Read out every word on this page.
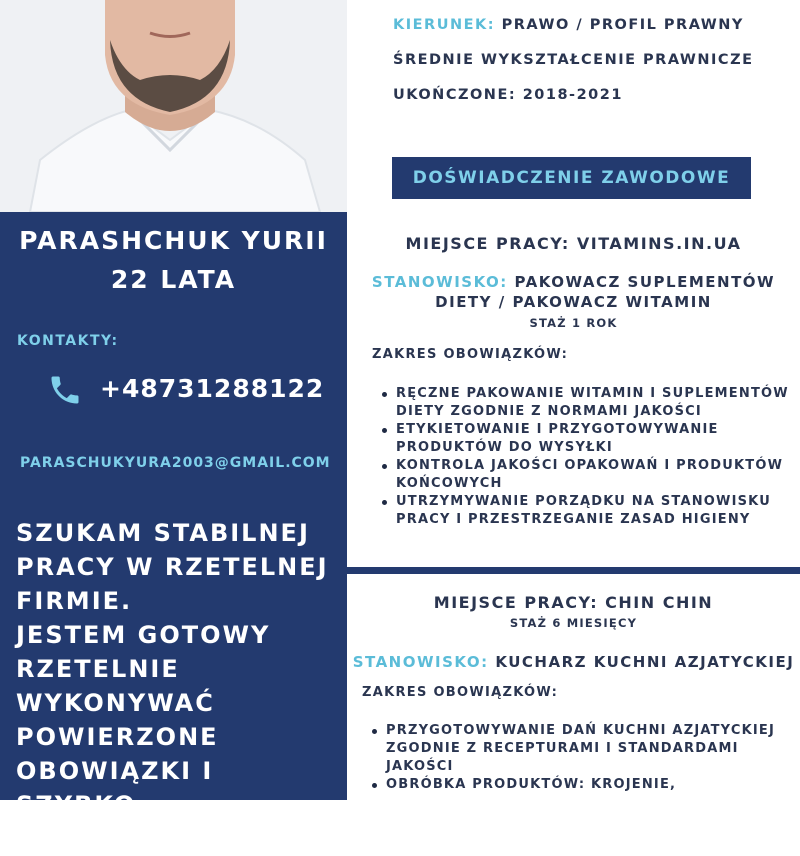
PARASHCHUK YURII
22 LATA
KONTAKTY:
+48731288122
PARASCHUKYURA2003@GMAIL.COM
SZUKAM STABILNEJ
PRACY W RZETELNEJ
FIRMIE.
JESTEM GOTOWY
RZETELNIE
WYKONYWAĆ
POWIERZONE
OBOWIĄZKI I SZYBKO
UCZYĆ SIĘ NOWYCH
KIERUNEK: PRAWO / PROFIL PRAWNY
ŚREDNIE WYKSZTAŁCENIE PRAWNICZE
UKOŃCZONE: 2018-2021
DOŚWIADCZENIE ZAWODOWE
MIEJSCE PRACY: VITAMINS.IN.UA
STANOWISKO: PAKOWACZ SUPLEMENTÓW
DIETY / PAKOWACZ WITAMIN
STAŻ 1 ROK
ZAKRES OBOWIĄZKÓW:
RĘCZNE PAKOWANIE WITAMIN I SUPLEMENTÓW DIETY ZGODNIE Z NORMAMI JAKOŚCI
ETYKIETOWANIE I PRZYGOTOWYWANIE PRODUKTÓW DO WYSYŁKI
KONTROLA JAKOŚCI OPAKOWAŃ I PRODUKTÓW KOŃCOWYCH
UTRZYMYWANIE PORZĄDKU NA STANOWISKU PRACY I PRZESTRZEGANIE ZASAD HIGIENY
MIEJSCE PRACY: CHIN CHIN
STAŻ 6 MIESIĘCY
STANOWISKO: KUCHARZ KUCHNI AZJATYCKIEJ
ZAKRES OBOWIĄZKÓW:
PRZYGOTOWYWANIE DAŃ KUCHNI AZJATYCKIEJ ZGODNIE Z RECEPTURAMI I STANDARDAMI JAKOŚCI
OBRÓBKA PRODUKTÓW: KROJENIE,
